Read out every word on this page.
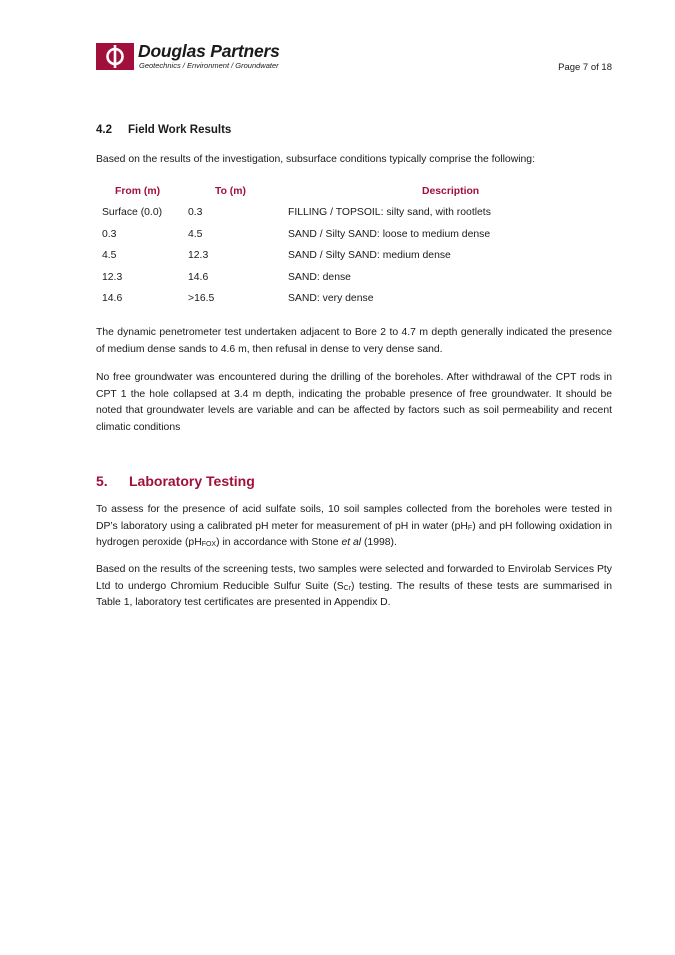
Douglas Partners
Geotechnics / Environment / Groundwater	Page 7 of 18
4.2 Field Work Results
Based on the results of the investigation, subsurface conditions typically comprise the following:
From (m)	To (m)	Description
Surface (0.0) 0.3	FILLING / TOPSOIL: silty sand, with rootlets
0.3	4.5	SAND / Silty SAND: loose to medium dense
4.5	12.3	SAND / Silty SAND: medium dense
12.3	14.6	SAND: dense
14.6	>16.5	SAND: very dense
The dynamic penetrometer test undertaken adjacent to Bore 2 to 4.7 m depth generally indicated the presence of medium dense sands to 4.6 m, then refusal in dense to very dense sand.
No free groundwater was encountered during the drilling of the boreholes. After withdrawal of the CPT rods in CPT 1 the hole collapsed at 3.4 m depth, indicating the probable presence of free groundwater. It should be noted that groundwater levels are variable and can be affected by factors such as soil permeability and recent climatic conditions
5. Laboratory Testing
To assess for the presence of acid sulfate soils, 10 soil samples collected from the boreholes were tested in DP’s laboratory using a calibrated pH meter for measurement of pH in water $(pH_F)$ and pH following oxidation in hydrogen peroxide $(pH_{FOX})$ in accordance with Stone et al (1998).
Based on the results of the screening tests, two samples were selected and forwarded to Envirolab Services Pty Ltd to undergo Chromium Reducible Sulfur Suite $(S_{Cr})$ testing. The results of these tests are summarised in Table 1, laboratory test certificates are presented in Appendix D.
